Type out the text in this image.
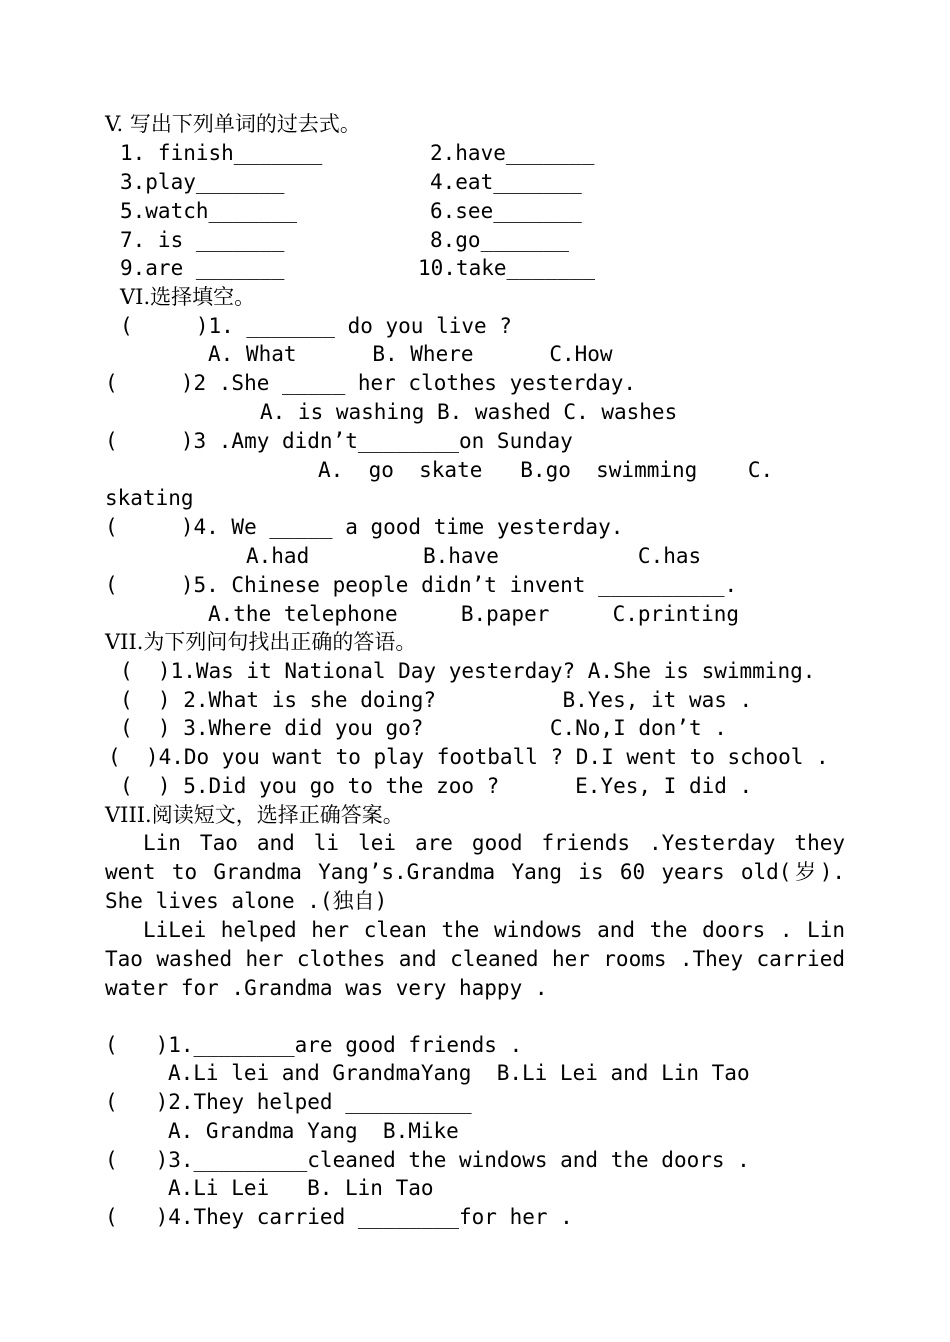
V. 写出下列单词的过去式。
1. finish_______	2.have_______
3.play_______	4.eat_______
5.watch_______	6.see_______
7. is _______	8.go_______
9.are _______	10.take_______
VI.选择填空。
(     )1. _______ do you live ?
A. What      B. Where      C.How
(     )2 .She _____ her clothes yesterday.
A. is washing B. washed C. washes
(     )3 .Amy didn’t________on Sunday
A.  go  skate   B.go  swimming    C.
skating
(     )4. We _____ a good time yesterday.
A.had         B.have           C.has
(     )5. Chinese people didn’t invent __________.
A.the telephone     B.paper     C.printing
VII.为下列问句找出正确的答语。
(  )1.Was it National Day yesterday? A.She is swimming.
(  ) 2.What is she doing?          B.Yes, it was .
(  ) 3.Where did you go?          C.No,I don’t .
(  )4.Do you want to play football ? D.I went to school .
(  ) 5.Did you go to the zoo ?      E.Yes, I did .
VIII.阅读短文，选择正确答案。
Lin Tao and li lei are good friends .Yesterday they went to Grandma Yang’s.Grandma Yang is 60 years old(岁). She lives alone .(独自)
LiLei helped her clean the windows and the doors . Lin Tao washed her clothes and cleaned her rooms .They carried water for .Grandma was very happy .
(   )1.________are good friends .
A.Li lei and GrandmaYang  B.Li Lei and Lin Tao
(   )2.They helped __________
A. Grandma Yang  B.Mike
(   )3._________cleaned the windows and the doors .
A.Li Lei   B. Lin Tao
(   )4.They carried ________for her .
